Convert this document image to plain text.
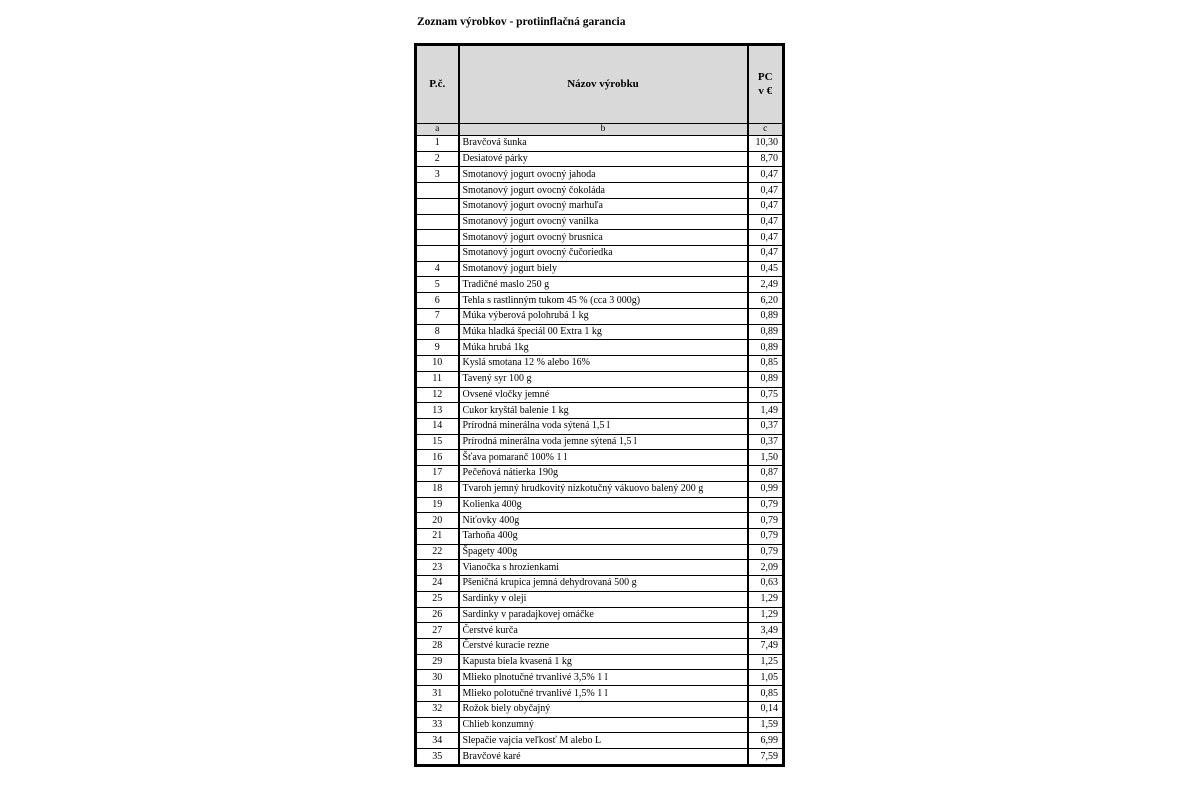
Zoznam výrobkov - protiinflačná garancia
P.č.	Názov výrobku	PC
v €

a	b	c
1	Bravčová šunka	10,30
2	Desiatové párky	8,70
3	Smotanový jogurt ovocný jahoda	0,47
	Smotanový jogurt ovocný čokoláda	0,47
	Smotanový jogurt ovocný marhuľa	0,47
	Smotanový jogurt ovocný vanilka	0,47
	Smotanový jogurt ovocný brusnica	0,47
	Smotanový jogurt ovocný čučoriedka	0,47
4	Smotanový jogurt biely	0,45
5	Tradičné maslo 250 g	2,49
6	Tehla s rastlinným tukom 45 % (cca 3 000g)	6,20
7	Múka výberová polohrubá 1 kg	0,89
8	Múka hladká špeciál 00 Extra 1 kg	0,89
9	Múka hrubá 1kg	0,89
10	Kyslá smotana 12 % alebo 16%	0,85
11	Tavený syr 100 g	0,89
12	Ovsené vločky jemné	0,75
13	Cukor kryštál balenie 1 kg	1,49
14	Prírodná minerálna voda sýtená 1,5 l	0,37
15	Prírodná minerálna voda jemne sýtená 1,5 l	0,37
16	Šťava pomaranč 100% 1 l	1,50
17	Pečeňová nátierka 190g	0,87
18	Tvaroh jemný hrudkovitý nízkotučný vákuovo balený 200 g	0,99
19	Kolienka 400g	0,79
20	Niťovky 400g	0,79
21	Tarhoňa 400g	0,79
22	Špagety 400g	0,79
23	Vianočka s hrozienkami	2,09
24	Pšeničná krupica jemná dehydrovaná 500 g	0,63
25	Sardinky v oleji	1,29
26	Sardinky v paradajkovej omáčke	1,29
27	Čerstvé kurča	3,49
28	Čerstvé kuracie rezne	7,49
29	Kapusta biela kvasená 1 kg	1,25
30	Mlieko plnotučné trvanlivé 3,5% 1 l	1,05
31	Mlieko polotučné trvanlivé 1,5% 1 l	0,85
32	Rožok biely obyčajný	0,14
33	Chlieb konzumný	1,59
34	Slepačie vajcia veľkosť M alebo L	6,99
35	Bravčové karé	7,59
